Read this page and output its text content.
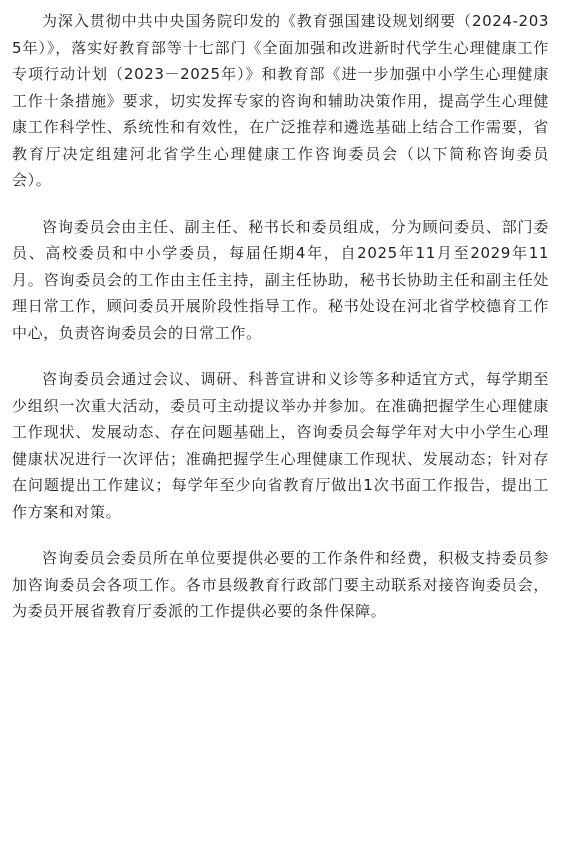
为深入贯彻中共中央国务院印发的《教育强国建设规划纲要（2024-2035年）》，落实好教育部等十七部门《全面加强和改进新时代学生心理健康工作专项行动计划（2023－2025年）》和教育部《进一步加强中小学生心理健康工作十条措施》要求，切实发挥专家的咨询和辅助决策作用，提高学生心理健康工作科学性、系统性和有效性，在广泛推荐和遴选基础上结合工作需要，省教育厅决定组建河北省学生心理健康工作咨询委员会（以下简称咨询委员会）。

咨询委员会由主任、副主任、秘书长和委员组成，分为顾问委员、部门委员、高校委员和中小学委员，每届任期4年，自2025年11月至2029年11月。咨询委员会的工作由主任主持，副主任协助，秘书长协助主任和副主任处理日常工作，顾问委员开展阶段性指导工作。秘书处设在河北省学校德育工作中心，负责咨询委员会的日常工作。

咨询委员会通过会议、调研、科普宣讲和义诊等多种适宜方式，每学期至少组织一次重大活动，委员可主动提议举办并参加。在准确把握学生心理健康工作现状、发展动态、存在问题基础上，咨询委员会每学年对大中小学生心理健康状况进行一次评估；准确把握学生心理健康工作现状、发展动态；针对存在问题提出工作建议；每学年至少向省教育厅做出1次书面工作报告，提出工作方案和对策。

咨询委员会委员所在单位要提供必要的工作条件和经费，积极支持委员参加咨询委员会各项工作。各市县级教育行政部门要主动联系对接咨询委员会，为委员开展省教育厅委派的工作提供必要的条件保障。
